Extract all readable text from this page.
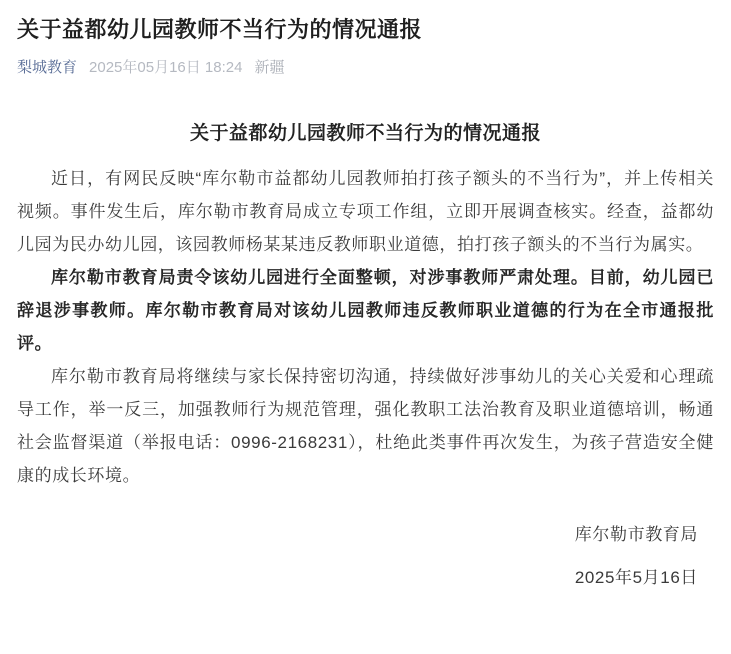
关于益都幼儿园教师不当行为的情况通报
梨城教育 2025年05月16日 18:24 新疆
关于益都幼儿园教师不当行为的情况通报

近日，有网民反映“库尔勒市益都幼儿园教师拍打孩子额头的不当行为”，并上传相关视频。事件发生后，库尔勒市教育局成立专项工作组，立即开展调查核实。经查，益都幼儿园为民办幼儿园，该园教师杨某某违反教师职业道德，拍打孩子额头的不当行为属实。

库尔勒市教育局责令该幼儿园进行全面整顿，对涉事教师严肃处理。目前，幼儿园已辞退涉事教师。库尔勒市教育局对该幼儿园教师违反教师职业道德的行为在全市通报批评。

库尔勒市教育局将继续与家长保持密切沟通，持续做好涉事幼儿的关心关爱和心理疏导工作，举一反三，加强教师行为规范管理，强化教职工法治教育及职业道德培训，畅通社会监督渠道（举报电话：0996-2168231），杜绝此类事件再次发生，为孩子营造安全健康的成长环境。

库尔勒市教育局

2025年5月16日
